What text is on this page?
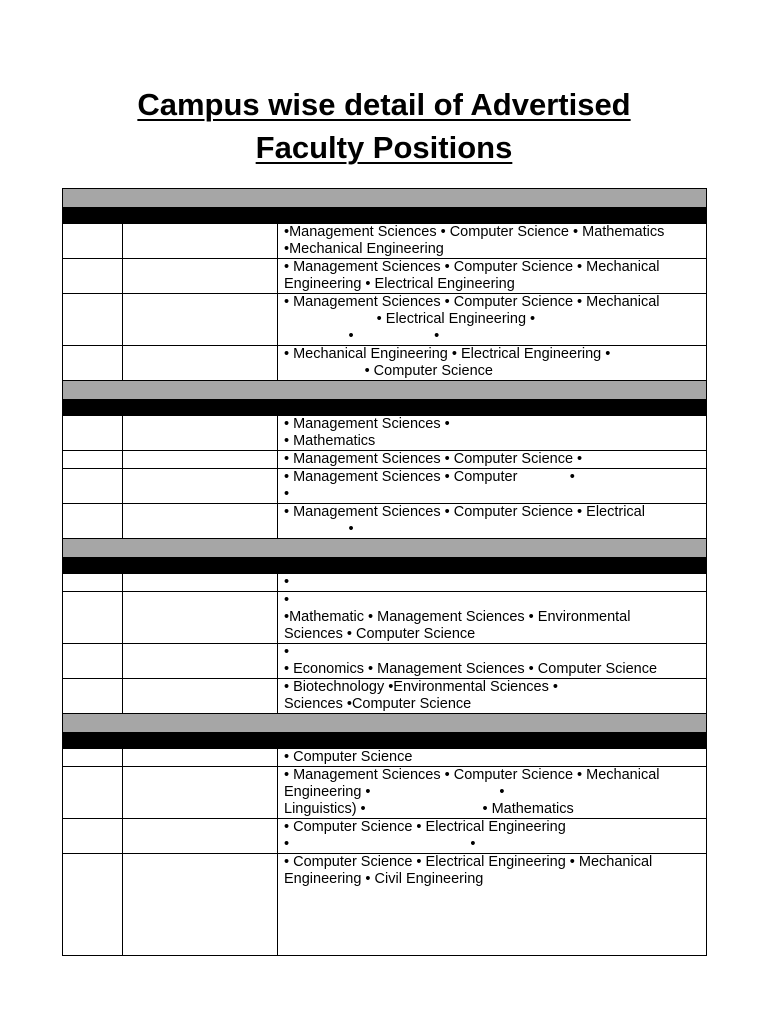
Campus wise detail of Advertised
Faculty Positions

		•Management Sciences • Computer Science • Mathematics
•Mechanical Engineering

		• Management Sciences • Computer Science • Mechanical
Engineering • Electrical Engineering

		• Management Sciences • Computer Science • Mechanical
• Electrical Engineering •
•                    •

		• Mechanical Engineering • Electrical Engineering •
• Computer Science

		• Management Sciences •
• Mathematics

		• Management Sciences • Computer Science •

		• Management Sciences • Computer             •
•

		• Management Sciences • Computer Science • Electrical
•

		•

		•
•Mathematic • Management Sciences • Environmental
Sciences • Computer Science

		•
• Economics • Management Sciences • Computer Science

		• Biotechnology •Environmental Sciences •
Sciences •Computer Science

		• Computer Science

		• Management Sciences • Computer Science • Mechanical
Engineering •                                •
Linguistics) •                             • Mathematics

		• Computer Science • Electrical Engineering
•                                             •

		• Computer Science • Electrical Engineering • Mechanical
Engineering • Civil Engineering
